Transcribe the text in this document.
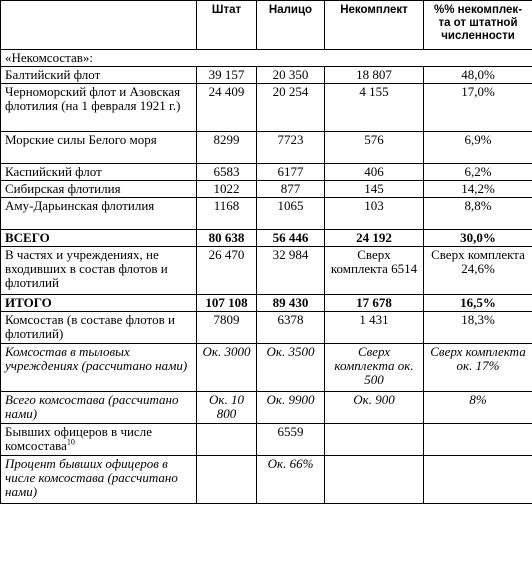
	Штат	Налицо	Некомплект	%% некомплек-та от штатной численности
«Некомсостав»:				
Балтийский флот	39 157	20 350	18 807	48,0%
Черноморский флот и Азовская флотилия (на 1 февраля 1921 г.)	24 409	20 254	4 155	17,0%
Морские силы Белого моря	8299	7723	576	6,9%
Каспийский флот	6583	6177	406	6,2%
Сибирская флотилия	1022	877	145	14,2%
Аму-Дарьинская флотилия	1168	1065	103	8,8%
ВСЕГО	80 638	56 446	24 192	30,0%
В частях и учреждениях, не входивших в состав флотов и флотилий	26 470	32 984	Сверх комплекта 6514	Сверх комплекта 24,6%
ИТОГО	107 108	89 430	17 678	16,5%
Комсостав (в составе флотов и флотилий)	7809	6378	1 431	18,3%
Комсостав в тыловых учреждениях (рассчитано нами)	Ок. 3000	Ок. 3500	Сверх комплекта ок. 500	Сверх комплекта ок. 17%
Всего комсостава (рассчитано нами)	Ок. 10 800	Ок. 9900	Ок. 900	8%
Бывших офицеров в числе комсостава$^{10}$		6559		
Процент бывших офицеров в числе комсостава (рассчитано нами)		Ок. 66%		
